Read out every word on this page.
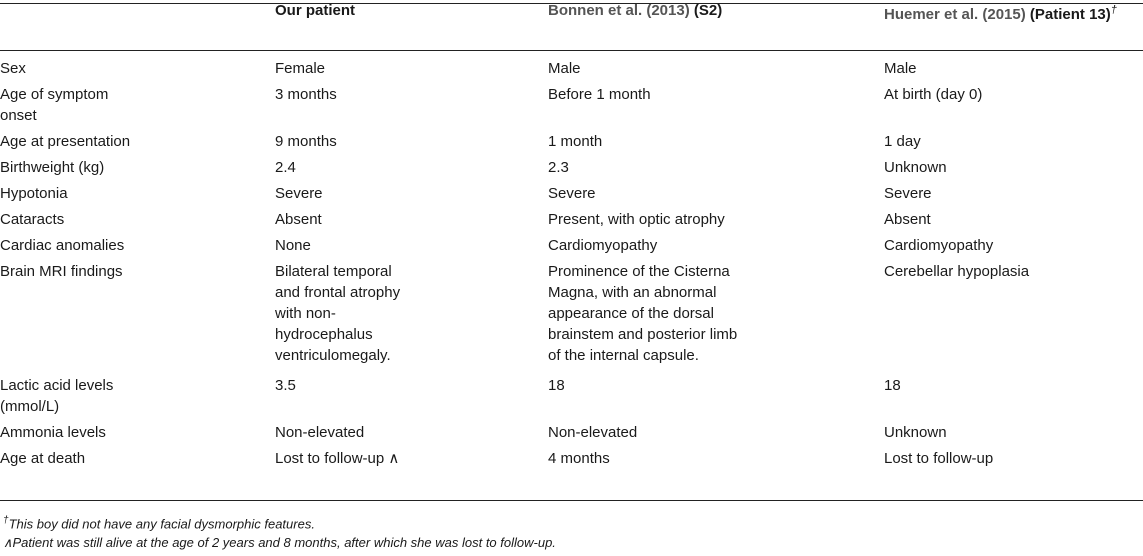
	Our patient	Bonnen et al. (2013) (S2)	Huemer et al. (2015) (Patient 13)†

Sex	Female	Male	Male

Age of symptom onset	3 months	Before 1 month	At birth (day 0)

Age at presentation	9 months	1 month	1 day

Birthweight (kg)	2.4	2.3	Unknown

Hypotonia	Severe	Severe	Severe

Cataracts	Absent	Present, with optic atrophy	Absent

Cardiac anomalies	None	Cardiomyopathy	Cardiomyopathy

Brain MRI findings	Bilateral temporal and frontal atrophy with non-hydrocephalus ventriculomegaly.	Prominence of the Cisterna Magna, with an abnormal appearance of the dorsal brainstem and posterior limb of the internal capsule.	Cerebellar hypoplasia

Lactic acid levels (mmol/L)	3.5	18	18

Ammonia levels	Non-elevated	Non-elevated	Unknown

Age at death	Lost to follow-up ∧	4 months	Lost to follow-up
†This boy did not have any facial dysmorphic features.
∧Patient was still alive at the age of 2 years and 8 months, after which she was lost to follow-up.
